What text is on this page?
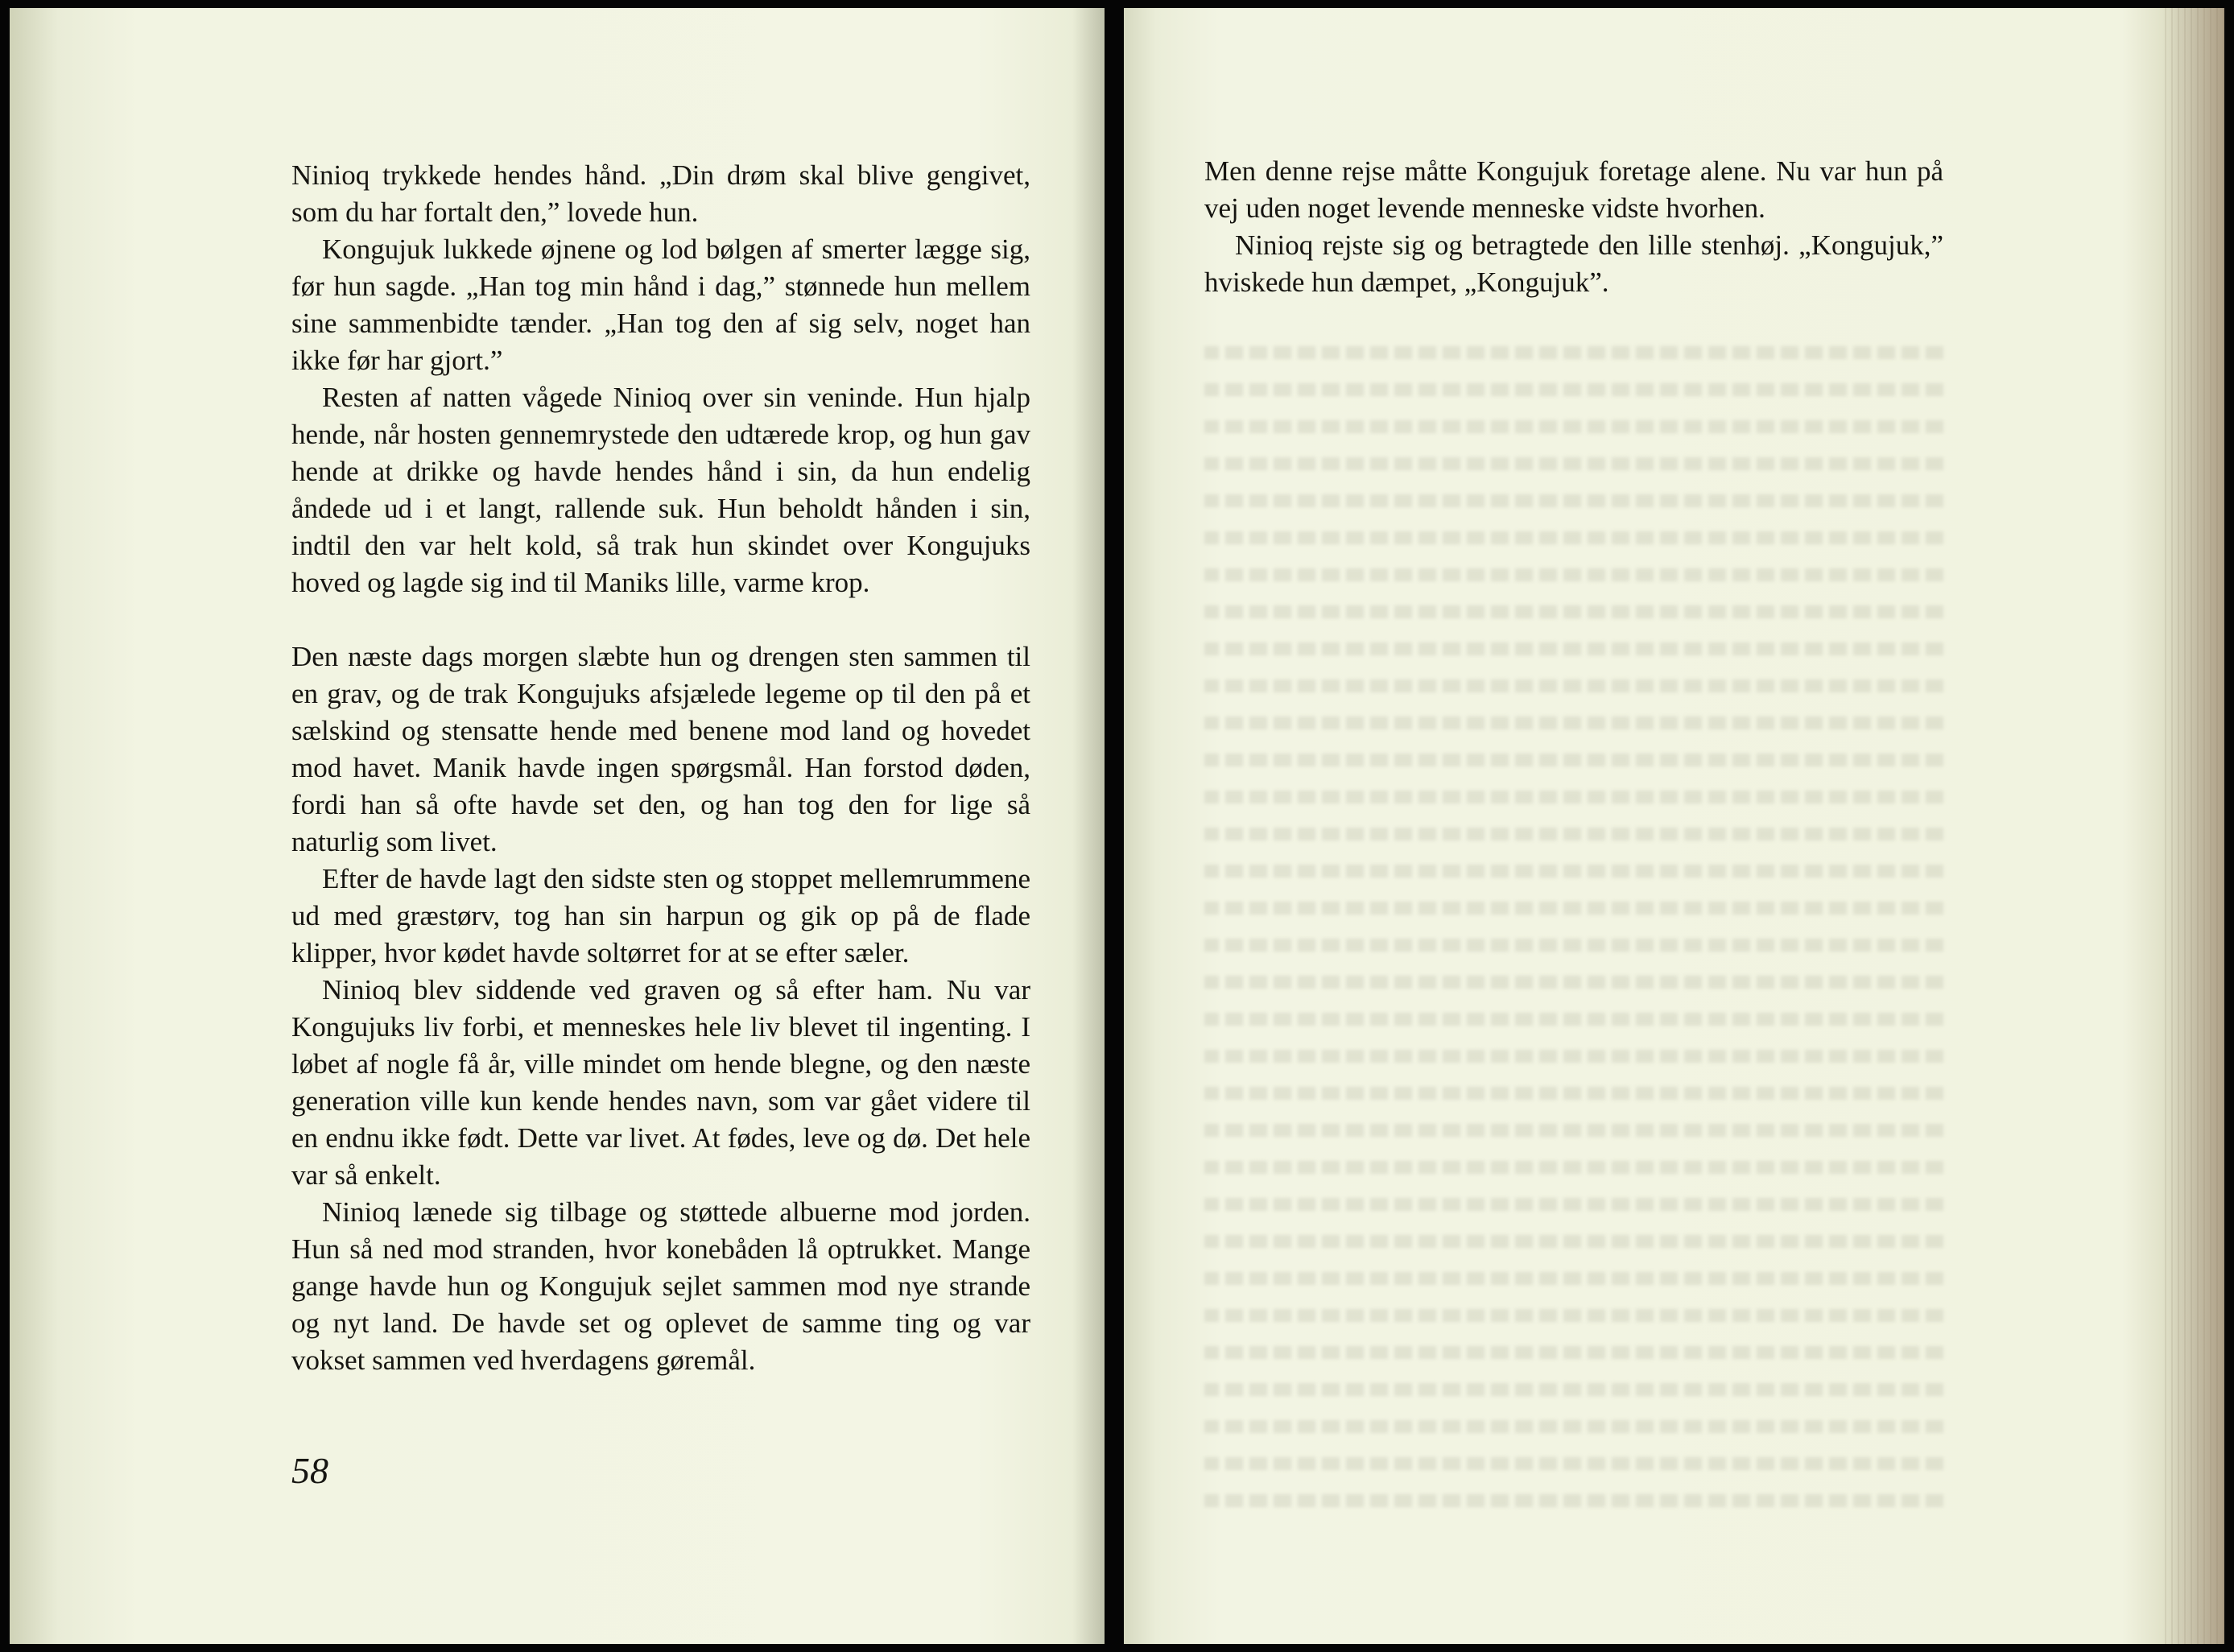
Ninioq trykkede hendes hånd. „Din drøm skal blive gengivet, som du har fortalt den,” lovede hun.

Kongujuk lukkede øjnene og lod bølgen af smerter lægge sig, før hun sagde. „Han tog min hånd i dag,” stønnede hun mellem sine sammenbidte tænder. „Han tog den af sig selv, noget han ikke før har gjort.”

Resten af natten vågede Ninioq over sin veninde. Hun hjalp hende, når hosten gennemrystede den udtærede krop, og hun gav hende at drikke og havde hendes hånd i sin, da hun endelig åndede ud i et langt, rallende suk. Hun beholdt hånden i sin, indtil den var helt kold, så trak hun skindet over Kongujuks hoved og lagde sig ind til Maniks lille, varme krop.

Den næste dags morgen slæbte hun og drengen sten sammen til en grav, og de trak Kongujuks afsjælede legeme op til den på et sælskind og stensatte hende med benene mod land og hovedet mod havet. Manik havde ingen spørgsmål. Han forstod døden, fordi han så ofte havde set den, og han tog den for lige så naturlig som livet.

Efter de havde lagt den sidste sten og stoppet mellemrummene ud med græstørv, tog han sin harpun og gik op på de flade klipper, hvor kødet havde soltørret for at se efter sæler.

Ninioq blev siddende ved graven og så efter ham. Nu var Kongujuks liv forbi, et menneskes hele liv blevet til ingenting. I løbet af nogle få år, ville mindet om hende blegne, og den næste generation ville kun kende hendes navn, som var gået videre til en endnu ikke født. Dette var livet. At fødes, leve og dø. Det hele var så enkelt.

Ninioq lænede sig tilbage og støttede albuerne mod jorden. Hun så ned mod stranden, hvor konebåden lå optrukket. Mange gange havde hun og Kongujuk sejlet sammen mod nye strande og nyt land. De havde set og oplevet de samme ting og var vokset sammen ved hverdagens gøremål.

58

Men denne rejse måtte Kongujuk foretage alene. Nu var hun på vej uden noget levende menneske vidste hvorhen.

Ninioq rejste sig og betragtede den lille stenhøj. „Kongujuk,” hviskede hun dæmpet, „Kongujuk”.
